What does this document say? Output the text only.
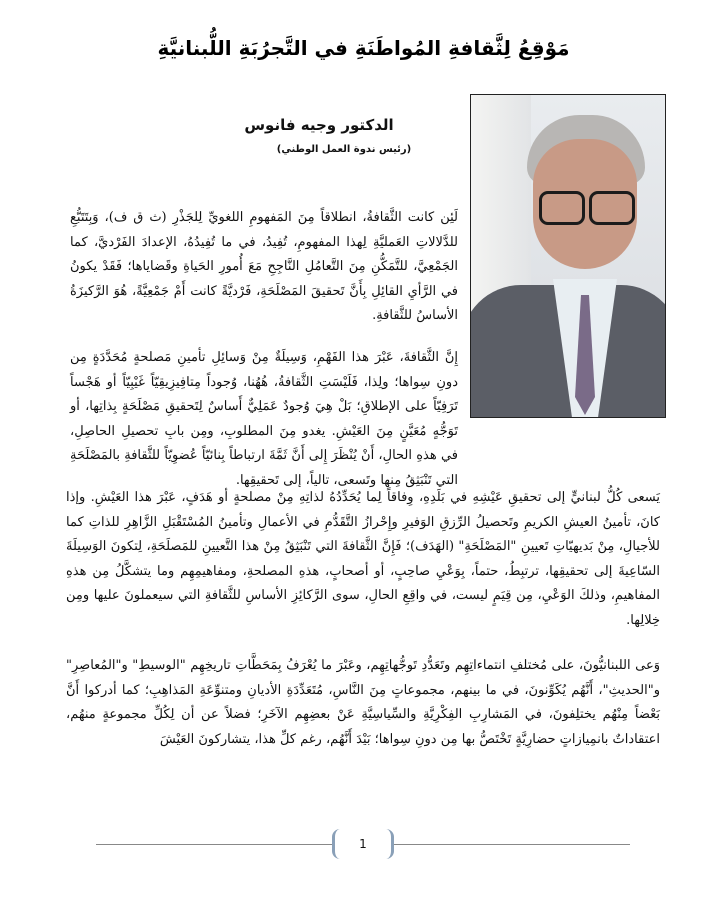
مَوْقِعُ لِثَّقافةِ المُواطَنَةِ في التَّجرُبَةِ اللُّبنانيَّةِ
الدكتور وجيه فانوس
(رئيس ندوة العمل الوطني)

لَئِن كانت الثَّقافةُ، انطلاقاً مِنَ المَفهومِ اللغويِّ لِلجَذْرِ (ث ق ف)، وَبِتَتَبُّعِ للدَّلالاتِ العَمليَّةِ لِهذا المفهومِ، تُفِيدُ، في ما تُفِيدُهُ، الإعدادَ الفَرْديَّ، كما الجَمْعِيَّ، للتَّمَكُّنِ مِنَ التَّعامُلِ النَّاجِحِ مَعَ أُمورِ الحَياةِ وقَضاياها؛ فَقَدْ يكونُ في الرَّأيِ القائِلِ بِأَنَّ تَحقيقَ المَصْلَحَةِ، فَرْديَّةً كانت أَمْ جَمْعِيَّةً، هُوَ الرَّكيزَةُ الأساسُ للثَّقافةِ.

إِنَّ الثَّقافةَ، عَبْرَ هذا الفَهْمِ، وَسِيلَةٌ مِنْ وَسائِلِ تأمينِ مَصلحةٍ مُحَدَّدَةٍ مِن دونِ سِواها؛ ولِذا، فَلَيْسَتِ الثَّقافةُ، هُهُنا، وُجوداً مِتافِيزِيقِيّاً غَيْبِيّاً أو هَجْساً تَرَفِيّاً على الإطلاقِ؛ بَلْ هِيَ وُجودٌ عَمَلِيٌّ أَساسٌ لِتَحقيقِ مَصْلَحَةٍ بِذاتِها، أو تَوَجُّهٍ مُعَيَّنٍ مِنَ العَيْشِ. يغدو مِنَ المطلوبِ، ومِن بابِ تحصيلِ الحاصِلِ، في هذهِ الحالِ، أَنْ يُنْظَرَ إِلى أَنَّ ثَمَّةَ ارتباطاً بِنائيّاً عُضوِيّاً للثَّقافةِ بالمَصْلَحَةِ التي تَنْبَثِقُ مِنها وتَسعى، تالياً، إلى تَحقيقِها.

يَسعى كُلُّ لبنانيٍّ إلى تحقيقِ عَيْشِهِ في بَلَدِهِ، وِفاقاً لِما يُحَدِّدُهُ لذاتِهِ مِنْ مصلحةٍ أو هَدَفٍ، عَبْرَ هذا العَيْشِ. وإذا كانَ، تأمينُ العيشِ الكريمِ وتَحصيلُ الرِّزقِ الوَفيرِ وإِحْرازُ التَّقَدُّمِ في الأعمالِ وتأمينُ المُسْتَقْبَلِ الزَّاهِرِ للذاتِ كما للأجيالِ، مِنْ بَديهيّاتِ تَعيينِ "المَصْلَحَةِ" (الهَدَف)؛ فَإِنَّ الثَّقافةَ التي تَنْبَثِقُ مِنْ هذا التَّعيينِ للمَصلَحَةِ، لِتكونَ الوَسِيلَةَ السّاعِيةَ إلى تحقيقِها، ترتبِطُ، حتماً، بِوَعْيِ صاحِبٍ، أو أصحابٍ، هذهِ المصلحةِ، ومفاهيمِهِم وما يتشكَّلُ مِن هذهِ المفاهيمِ، وذلكَ الوَعْيِ، مِن قِيَمٍ ليست، في واقِعِ الحالِ، سوى الرَّكائِزِ الأساسِ للثَّقافةِ التي سيعملونَ عليها ومِن خِلالِها.

وَعى اللبنانيُّونَ، على مُختلفِ انتماءاتِهِم وتَعَدُّدِ تَوجُّهاتِهِم، وعَبْرَ ما يُعْرَفُ بِمَحَطَّاتِ تاريخِهِم "الوسيطِ" و"المُعاصِرِ" و"الحديثِ"، أَنَّهُم يُكَوِّنونَ، في ما بينهم، مجموعاتٍ مِنَ النَّاسِ، مُتَعَدِّدَةِ الأديانِ ومتنوِّعَةِ المَذاهِبِ؛ كما أدركوا أَنَّ بَعْضاً مِنْهُم يختلِفونَ، في المَشارِبِ الفِكْرِيَّةِ والسِّياسِيَّةِ عَنْ بعضِهِم الآخَرِ؛ فضلاً عن أن لِكُلِّ مجموعةٍ منهُم، اعتقاداتٌ بانمِيازاتٍ حضارِيَّةٍ تَخْتَصُّ بها مِن دونِ سِواها؛ بَيْدَ أَنَّهُم، رغم كلِّ هذا، يتشاركونَ العَيْشَ

1
